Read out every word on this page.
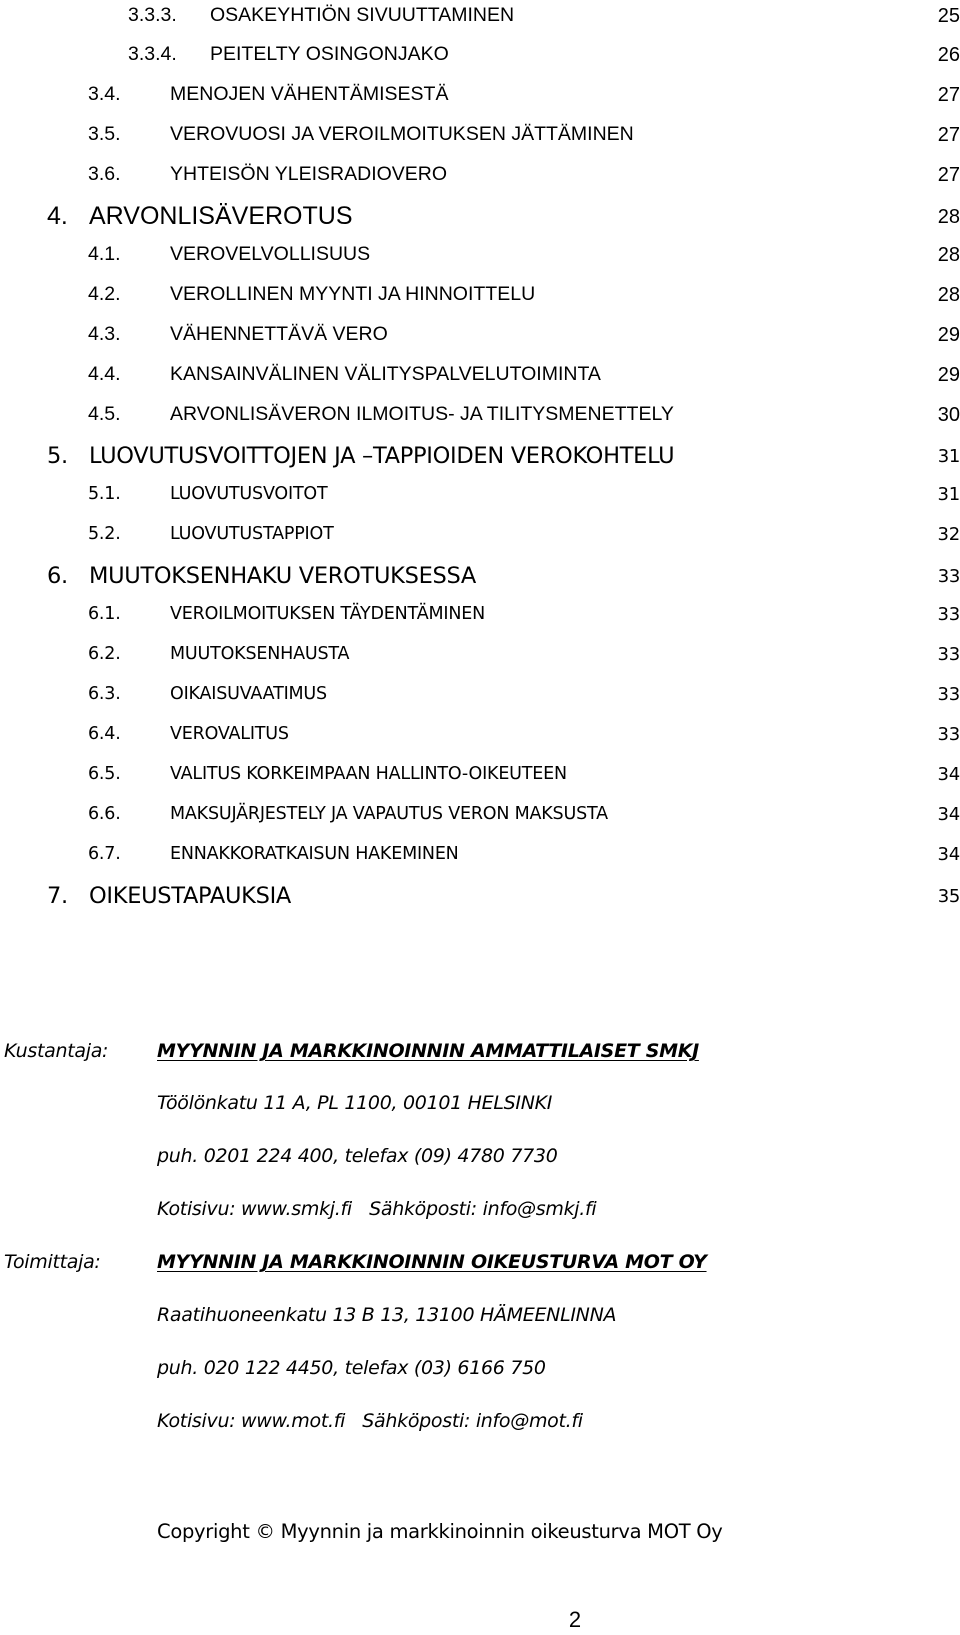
3.3.3. OSAKEYHTIÖN SIVUUTTAMINEN	25
3.3.4. PEITELTY OSINGONJAKO	26
3.4.	MENOJEN VÄHENTÄMISESTÄ	27
3.5.	VEROVUOSI JA VEROILMOITUKSEN JÄTTÄMINEN	27
3.6.	YHTEISÖN YLEISRADIOVERO	27
4. ARVONLISÄVEROTUS	28
4.1.	VEROVELVOLLISUUS	28
4.2.	VEROLLINEN MYYNTI JA HINNOITTELU	28
4.3.	VÄHENNETTÄVÄ VERO	29
4.4.	KANSAINVÄLINEN VÄLITYSPALVELUTOIMINTA	29
4.5.	ARVONLISÄVERON ILMOITUS- JA TILITYSMENETTELY	30
5. LUOVUTUSVOITTOJEN JA –TAPPIOIDEN VEROKOHTELU	31
5.1.	LUOVUTUSVOITOT	31
5.2.	LUOVUTUSTAPPIOT	32
6. MUUTOKSENHAKU VEROTUKSESSA	33
6.1.	VEROILMOITUKSEN TÄYDENTÄMINEN	33
6.2.	MUUTOKSENHAUSTA	33
6.3.	OIKAISUVAATIMUS	33
6.4.	VEROVALITUS	33
6.5.	VALITUS KORKEIMPAAN HALLINTO-OIKEUTEEN	34
6.6.	MAKSUJÄRJESTELY JA VAPAUTUS VERON MAKSUSTA	34
6.7.	ENNAKKORATKAISUN HAKEMINEN	34
7. OIKEUSTAPAUKSIA	35
Kustantaja:	MYYNNIN JA MARKKINOINNIN AMMATTILAISET SMKJ
Töölönkatu 11 A, PL 1100, 00101 HELSINKI
puh. 0201 224 400, telefax (09) 4780 7730
Kotisivu: www.smkj.fi   Sähköposti: info@smkj.fi
Toimittaja:	MYYNNIN JA MARKKINOINNIN OIKEUSTURVA MOT OY
Raatihuoneenkatu 13 B 13, 13100 HÄMEENLINNA
puh. 020 122 4450, telefax (03) 6166 750
Kotisivu: www.mot.fi   Sähköposti: info@mot.fi
Copyright © Myynnin ja markkinoinnin oikeusturva MOT Oy
2
